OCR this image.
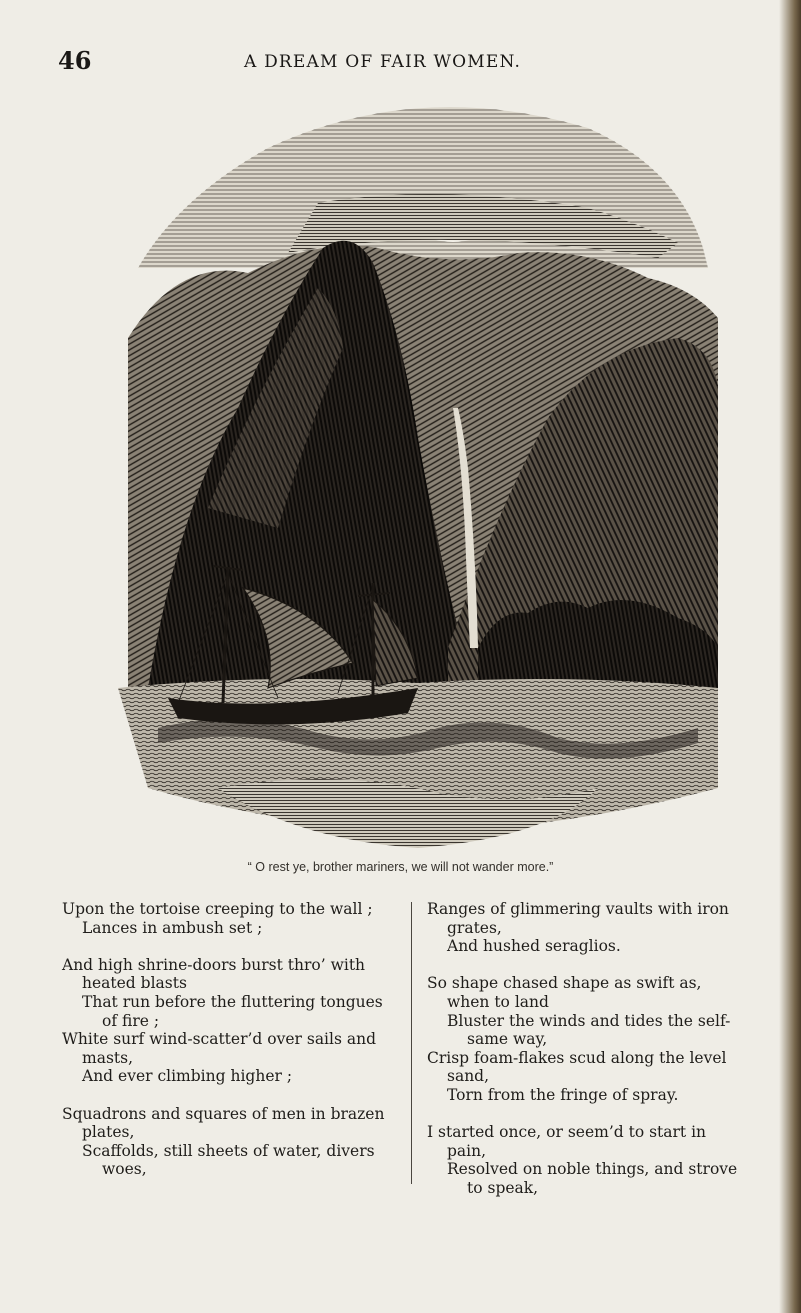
46	A DREAM OF FAIR WOMEN.
“ O rest ye, brother mariners, we will not wander more.”
Upon the tortoise creeping to the wall ;
Lances in ambush set ;
And high shrine-doors burst thro’ with heated blasts
That run before the fluttering tongues of fire ;
White surf wind-scatter’d over sails and masts,
And ever climbing higher ;
Squadrons and squares of men in brazen plates,
Scaffolds, still sheets of water, divers woes,
Ranges of glimmering vaults with iron grates,
And hushed seraglios.
So shape chased shape as swift as, when to land
Bluster the winds and tides the self-same way,
Crisp foam-flakes scud along the level sand,
Torn from the fringe of spray.
I started once, or seem’d to start in pain,
Resolved on noble things, and strove to speak,
